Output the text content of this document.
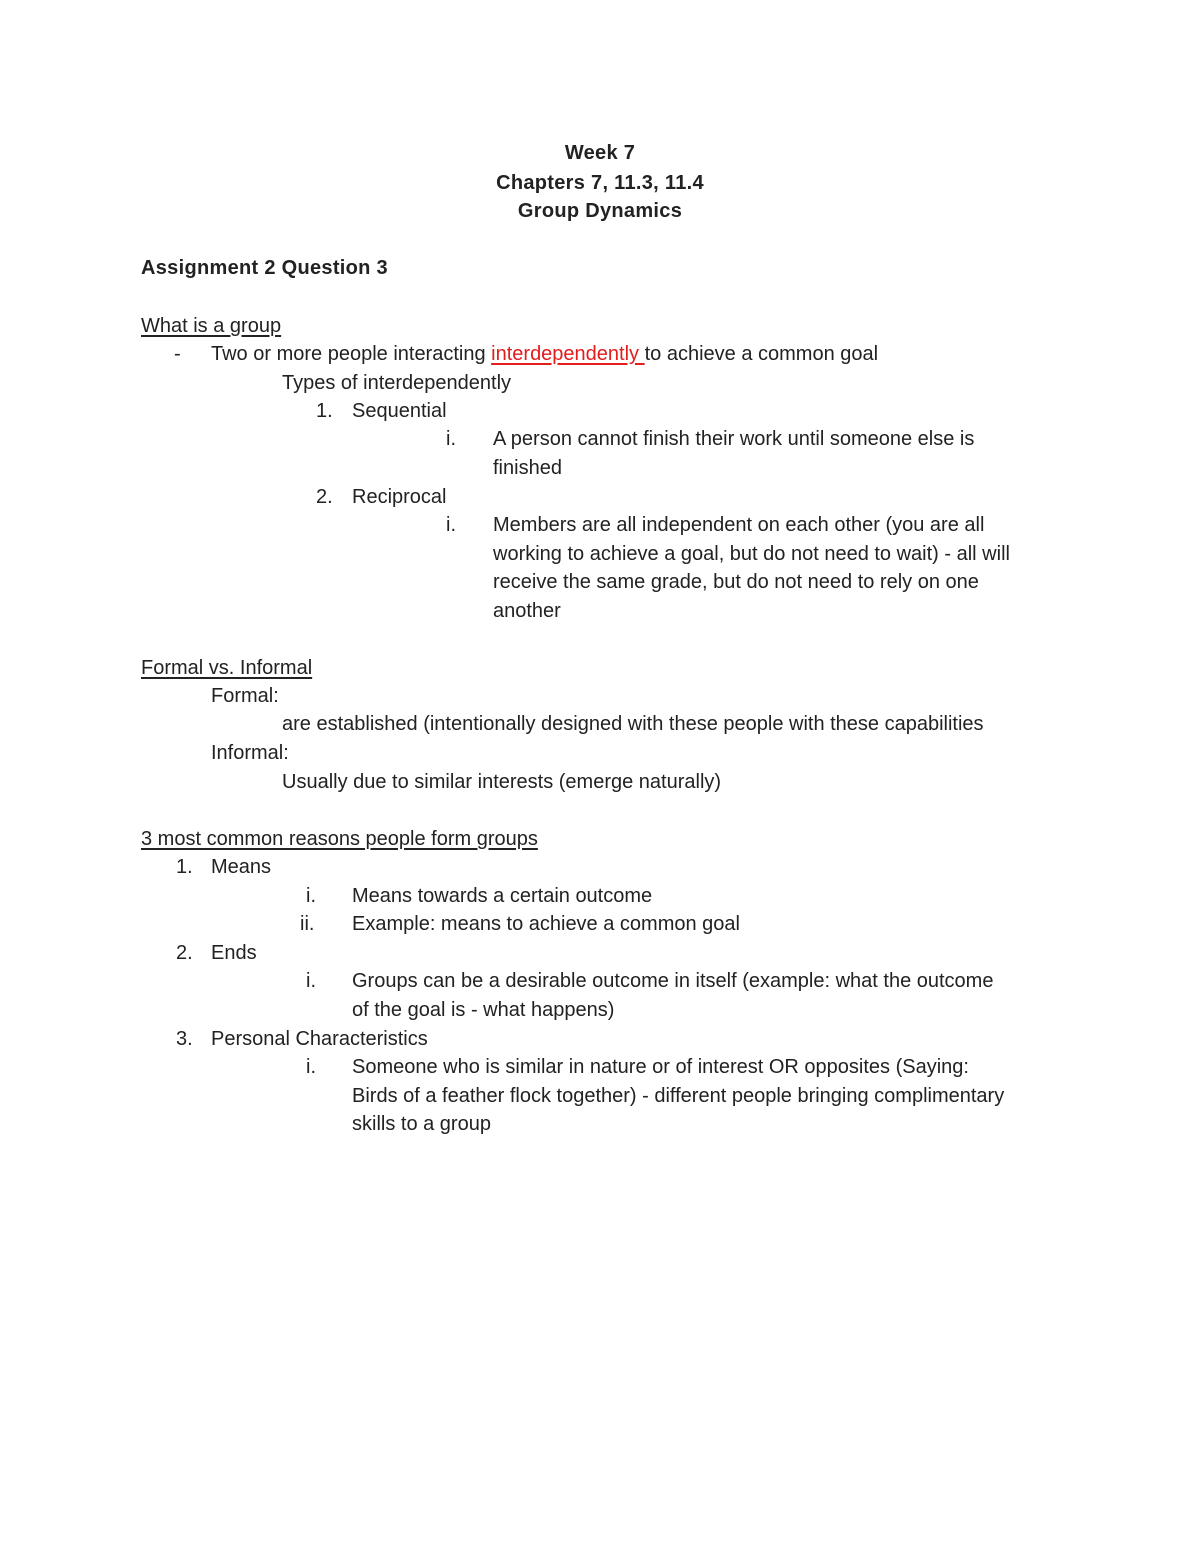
Week 7
Chapters 7, 11.3, 11.4
Group Dynamics
Assignment 2 Question 3
What is a group
- Two or more people interacting interdependently to achieve a common goal
Types of interdependently
1. Sequential
i. A person cannot finish their work until someone else is
finished
2. Reciprocal
i. Members are all independent on each other (you are all
working to achieve a goal, but do not need to wait) - all will
receive the same grade, but do not need to rely on one
another
Formal vs. Informal
Formal:
are established (intentionally designed with these people with these capabilities
Informal:
Usually due to similar interests (emerge naturally)
3 most common reasons people form groups
1. Means
i. Means towards a certain outcome
ii. Example: means to achieve a common goal
2. Ends
i. Groups can be a desirable outcome in itself (example: what the outcome
of the goal is - what happens)
3. Personal Characteristics
i. Someone who is similar in nature or of interest OR opposites (Saying:
Birds of a feather flock together) - different people bringing complimentary
skills to a group
